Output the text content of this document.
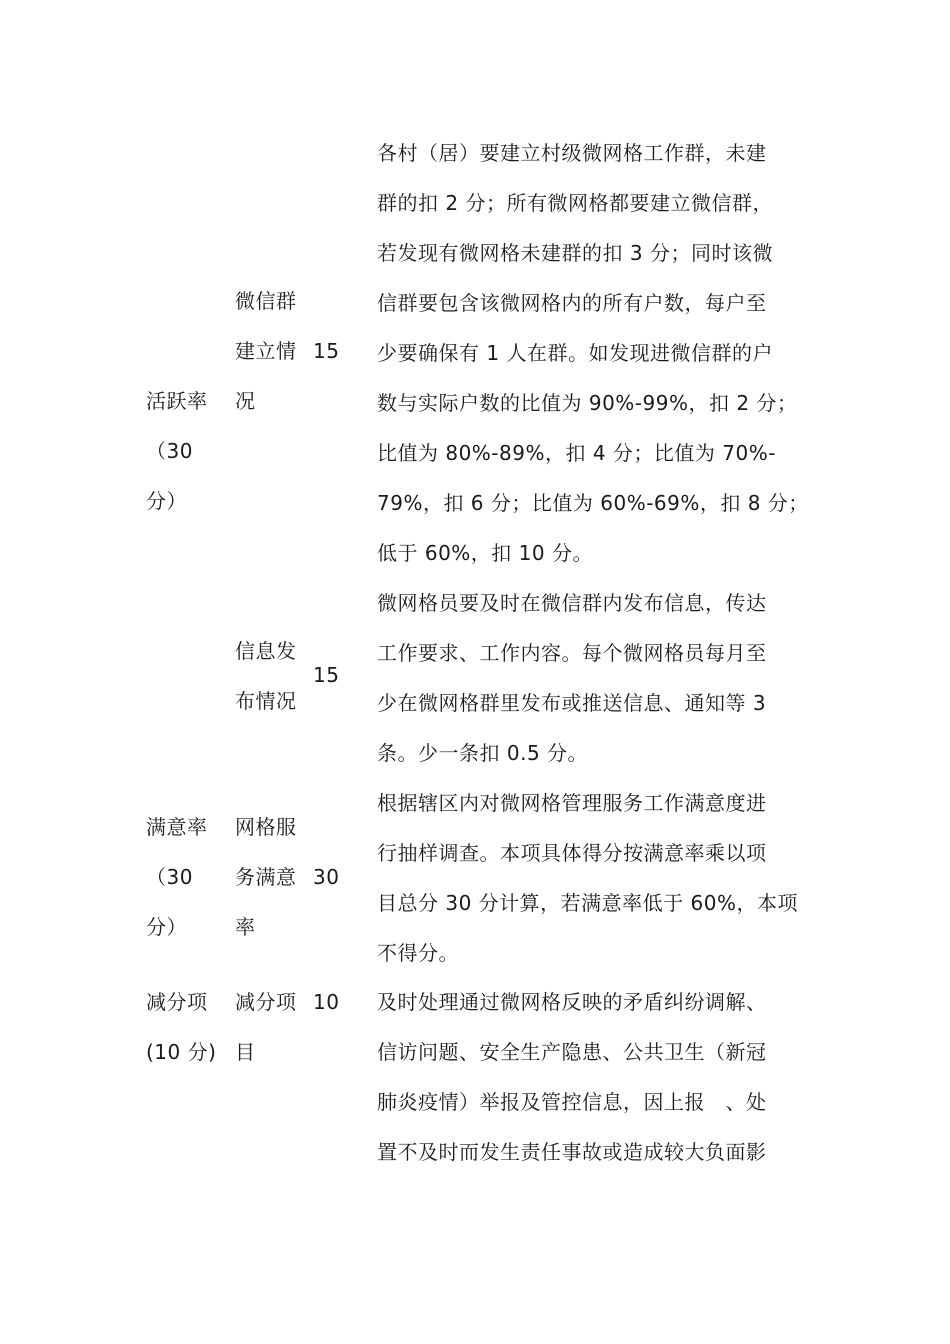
活跃率
（30
分）
微信群
建立情
况
15
各村（居）要建立村级微网格工作群，未建
群的扣 2 分；所有微网格都要建立微信群，
若发现有微网格未建群的扣 3 分；同时该微
信群要包含该微网格内的所有户数，每户至
少要确保有 1 人在群。如发现进微信群的户
数与实际户数的比值为 90%-99%，扣 2 分；
比值为 80%-89%，扣 4 分；比值为 70%-
79%，扣 6 分；比值为 60%-69%，扣 8 分；
低于 60%，扣 10 分。
信息发
布情况
15
微网格员要及时在微信群内发布信息，传达
工作要求、工作内容。每个微网格员每月至
少在微网格群里发布或推送信息、通知等 3
条。少一条扣 0.5 分。
满意率
（30
分）
网格服
务满意
率
30
根据辖区内对微网格管理服务工作满意度进
行抽样调查。本项具体得分按满意率乘以项
目总分 30 分计算，若满意率低于 60%，本项
不得分。
减分项
(10 分)
减分项
目
10 及时处理通过微网格反映的矛盾纠纷调解、
信访问题、安全生产隐患、公共卫生（新冠
肺炎疫情）举报及管控信息，因上报　、处
置不及时而发生责任事故或造成较大负面影
